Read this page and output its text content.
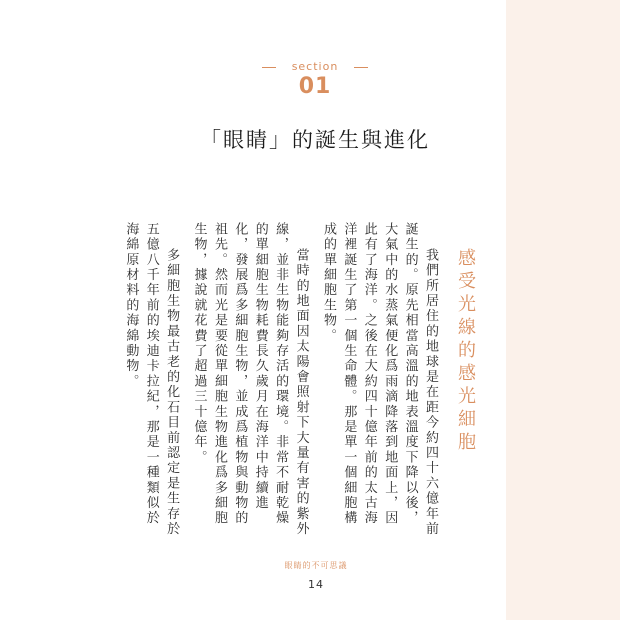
section
01
「眼睛」的誕生與進化
感受光線的感光細胞

我們所居住的地球是在距今約四十六億年前誕生的。原先相當高溫的地表溫度下降以後，大氣中的水蒸氣便化爲雨滴降落到地面上，因此有了海洋。之後在大約四十億年前的太古海洋裡誕生了第一個生命體。那是單一個細胞構成的單細胞生物。

當時的地面因太陽會照射下大量有害的紫外線，並非生物能夠存活的環境。非常不耐乾燥的單細胞生物耗費長久歲月在海洋中持續進化，發展爲多細胞生物，並成爲植物與動物的祖先。然而光是要從單細胞生物進化爲多細胞生物，據說就花費了超過三十億年。

多細胞生物最古老的化石目前認定是生存於五億八千年前的埃迪卡拉紀，那是一種類似於海綿原材料的海綿動物。

眼睛的不可思議
14
